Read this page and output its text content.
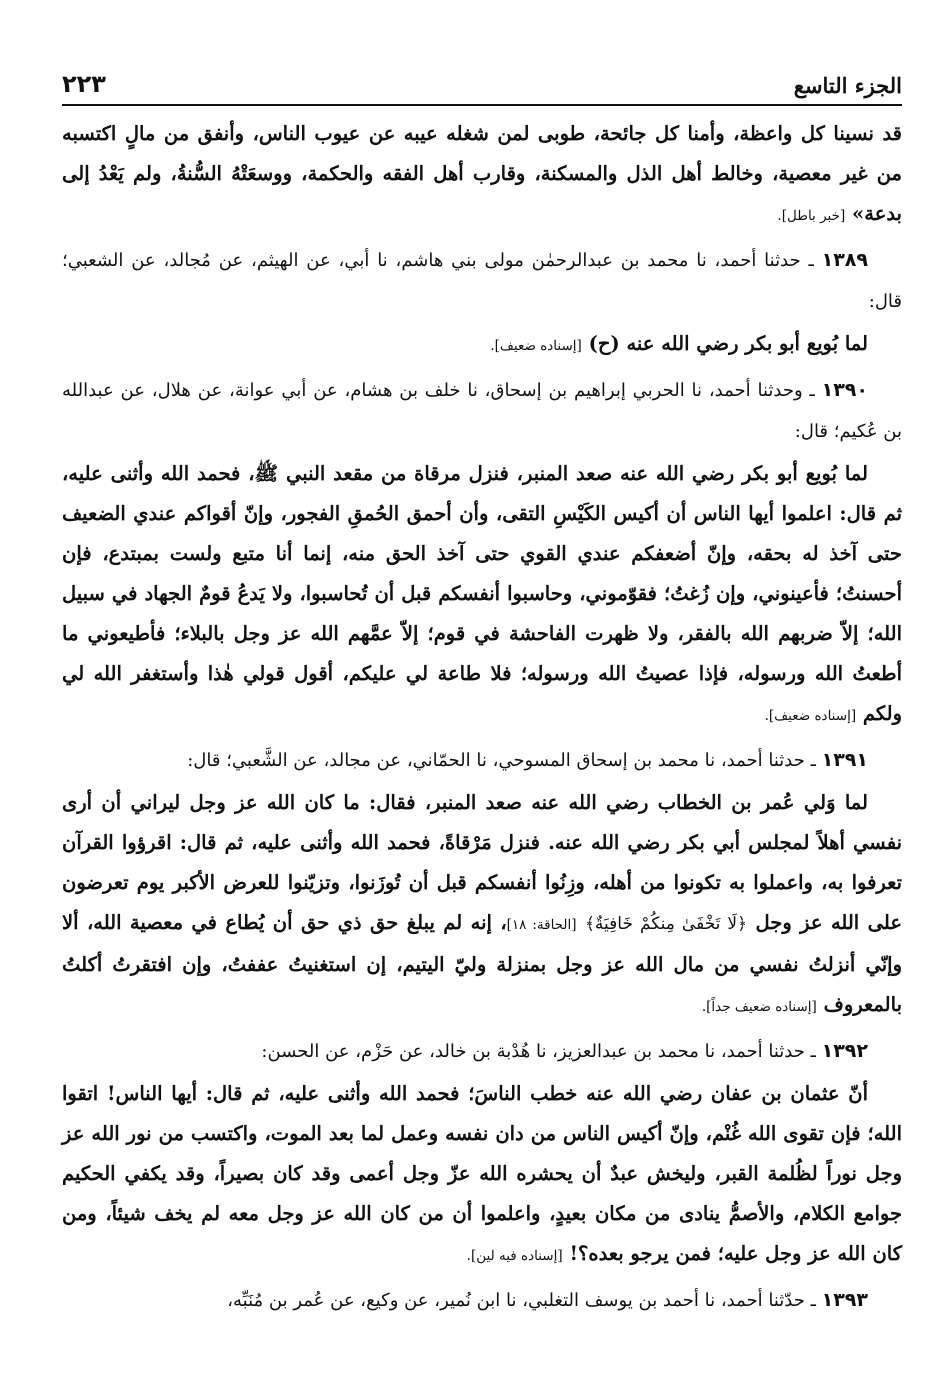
الجزء التاسع
٢٢٣

قد نسينا كل واعظة، وأمنا كل جائحة، طوبى لمن شغله عيبه عن عيوب الناس، وأنفق من مالٍ اكتسبه من غير معصية، وخالط أهل الذل والمسكنة، وقارب أهل الفقه والحكمة، ووسعَتْهُ السُّنةُ، ولم يَعْدُ إلى بدعة» [خبر باطل].

١٣٨٩ ـ حدثنا أحمد، نا محمد بن عبدالرحمٰن مولى بني هاشم، نا أبي، عن الهيثم، عن مُجالد، عن الشعبي؛ قال:

لما بُويع أبو بكر رضي الله عنه (ح) [إسناده ضعيف].

١٣٩٠ ـ وحدثنا أحمد، نا الحربي إبراهيم بن إسحاق، نا خلف بن هشام، عن أبي عوانة، عن هلال، عن عبدالله بن عُكيم؛ قال:

لما بُويع أبو بكر رضي الله عنه صعد المنبر، فنزل مرقاة من مقعد النبي ﷺ، فحمد الله وأثنى عليه، ثم قال: اعلموا أيها الناس أن أكيس الكَيْسِ التقى، وأن أحمق الحُمقِ الفجور، وإنّ أقواكم عندي الضعيف حتى آخذ له بحقه، وإنّ أضعفكم عندي القوي حتى آخذ الحق منه، إنما أنا متبع ولست بمبتدع، فإن أحسنتُ؛ فأعينوني، وإن زُغتُ؛ فقوّموني، وحاسبوا أنفسكم قبل أن تُحاسبوا، ولا يَدعُ قومٌ الجهاد في سبيل الله؛ إلاّ ضربهم الله بالفقر، ولا ظهرت الفاحشة في قوم؛ إلاّ عمَّهم الله عز وجل بالبلاء؛ فأطيعوني ما أطعتُ الله ورسوله، فإذا عصيتُ الله ورسوله؛ فلا طاعة لي عليكم، أقول قولي هٰذا وأستغفر الله لي ولكم [إسناده ضعيف].

١٣٩١ ـ حدثنا أحمد، نا محمد بن إسحاق المسوحي، نا الحمّاني، عن مجالد، عن الشَّعبي؛ قال:

لما وَلي عُمر بن الخطاب رضي الله عنه صعد المنبر، فقال: ما كان الله عز وجل ليراني أن أرى نفسي أهلاً لمجلس أبي بكر رضي الله عنه. فنزل مَرْقاةً، فحمد الله وأثنى عليه، ثم قال: اقرؤوا القرآن تعرفوا به، واعملوا به تكونوا من أهله، وزِنُوا أنفسكم قبل أن تُوزَنوا، وتزيّنوا للعرض الأكبر يوم تعرضون على الله عز وجل ﴿لَا تَخْفَىٰ مِنكُمْ خَافِيَةٌ﴾ [الحاقة: ١٨]، إنه لم يبلغ حق ذي حق أن يُطاع في معصية الله، ألا وإنّي أنزلتُ نفسي من مال الله عز وجل بمنزلة وليّ اليتيم، إن استغنيتُ عففتُ، وإن افتقرتُ أكلتُ بالمعروف [إسناده ضعيف جداً].

١٣٩٢ ـ حدثنا أحمد، نا محمد بن عبدالعزيز، نا هُدْبة بن خالد، عن حَزْم، عن الحسن:

أنّ عثمان بن عفان رضي الله عنه خطب الناسَ؛ فحمد الله وأثنى عليه، ثم قال: أيها الناس! اتقوا الله؛ فإن تقوى الله غُنْم، وإنّ أكيس الناس من دان نفسه وعمل لما بعد الموت، واكتسب من نور الله عز وجل نوراً لظُلمة القبر، وليخش عبدٌ أن يحشره الله عزّ وجل أعمى وقد كان بصيراً، وقد يكفي الحكيم جوامع الكلام، والأصمُّ ينادى من مكان بعيدٍ، واعلموا أن من كان الله عز وجل معه لم يخف شيئاً، ومن كان الله عز وجل عليه؛ فمن يرجو بعده؟! [إسناده فيه لين].

١٣٩٣ ـ حدّثنا أحمد، نا أحمد بن يوسف التغلبي، نا ابن نُمير، عن وكيع، عن عُمر بن مُنَبِّه،
